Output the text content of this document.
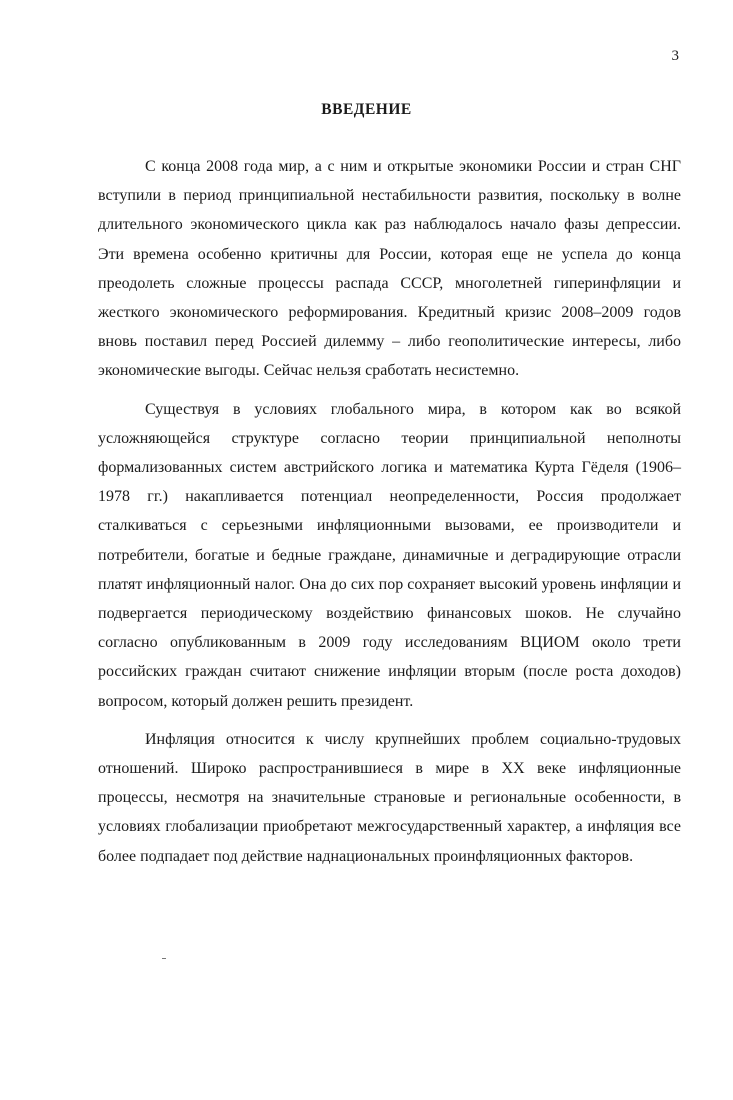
3
ВВЕДЕНИЕ

С конца 2008 года мир, а с ним и открытые экономики России и стран СНГ вступили в период принципиальной нестабильности развития, поскольку в волне длительного экономического цикла как раз наблюдалось начало фазы депрессии. Эти времена особенно критичны для России, которая еще не успела до конца преодолеть сложные процессы распада СССР, многолетней гиперинфляции и жесткого экономического реформирования. Кредитный кризис 2008–2009 годов вновь поставил перед Россией дилемму – либо геополитические интересы, либо экономические выгоды. Сейчас нельзя сработать несистемно.

Существуя в условиях глобального мира, в котором как во всякой усложняющейся структуре согласно теории принципиальной неполноты формализованных систем австрийского логика и математика Курта Гёделя (1906–1978 гг.) накапливается потенциал неопределенности, Россия продолжает сталкиваться с серьезными инфляционными вызовами, ее производители и потребители, богатые и бедные граждане, динамичные и деградирующие отрасли платят инфляционный налог. Она до сих пор сохраняет высокий уровень инфляции и подвергается периодическому воздействию финансовых шоков. Не случайно согласно опубликованным в 2009 году исследованиям ВЦИОМ около трети российских граждан считают снижение инфляции вторым (после роста доходов) вопросом, который должен решить президент.

Инфляция относится к числу крупнейших проблем социально-трудовых отношений. Широко распространившиеся в мире в XX веке инфляционные процессы, несмотря на значительные страновые и региональные особенности, в условиях глобализации приобретают межгосударственный характер, а инфляция все более подпадает под действие наднациональных проинфляционных факторов.
